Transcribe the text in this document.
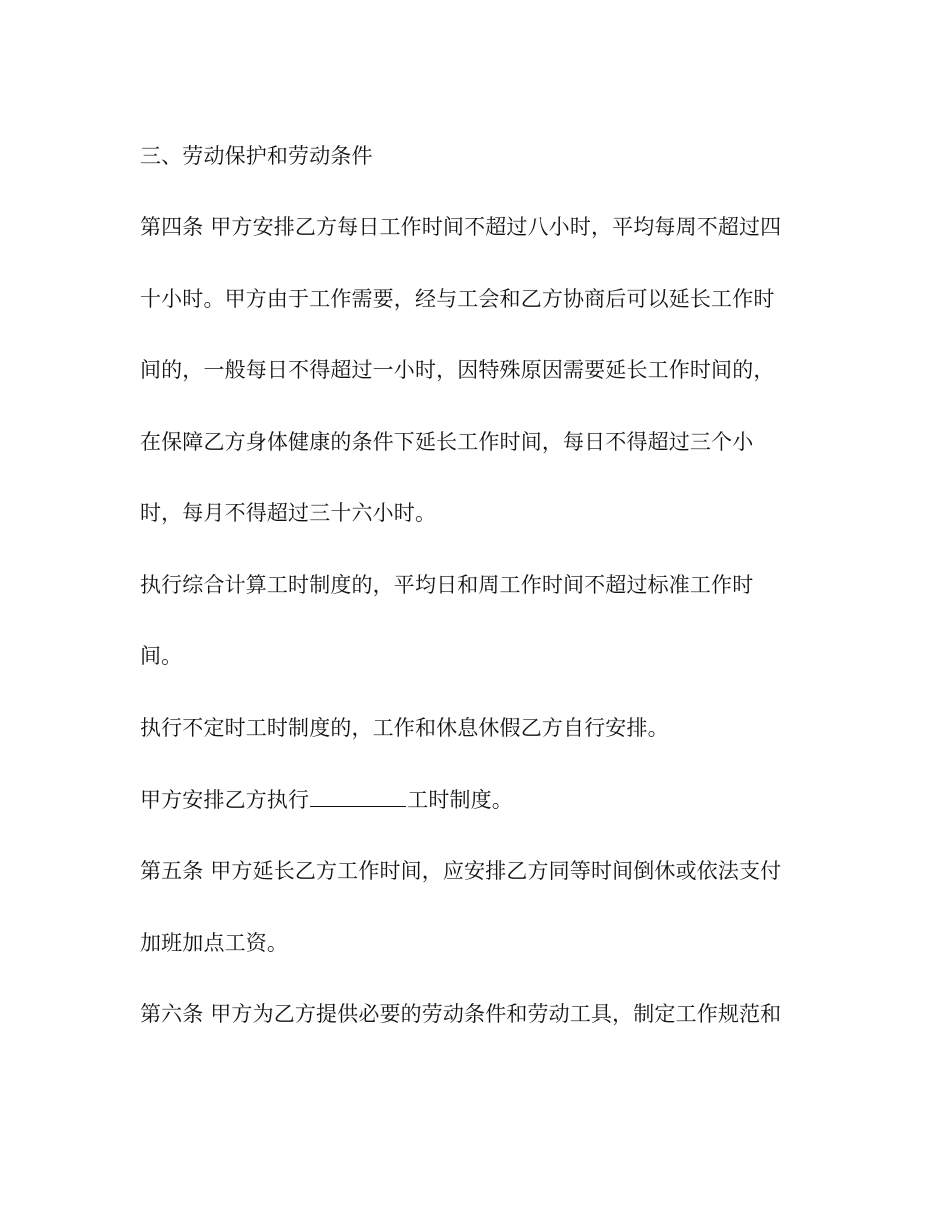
三、劳动保护和劳动条件

第四条 甲方安排乙方每日工作时间不超过八小时，平均每周不超过四

十小时。甲方由于工作需要，经与工会和乙方协商后可以延长工作时

间的，一般每日不得超过一小时，因特殊原因需要延长工作时间的，

在保障乙方身体健康的条件下延长工作时间，每日不得超过三个小

时，每月不得超过三十六小时。

执行综合计算工时制度的，平均日和周工作时间不超过标准工作时

间。

执行不定时工时制度的，工作和休息休假乙方自行安排。

甲方安排乙方执行	工时制度。

第五条 甲方延长乙方工作时间，应安排乙方同等时间倒休或依法支付

加班加点工资。

第六条 甲方为乙方提供必要的劳动条件和劳动工具，制定工作规范和
